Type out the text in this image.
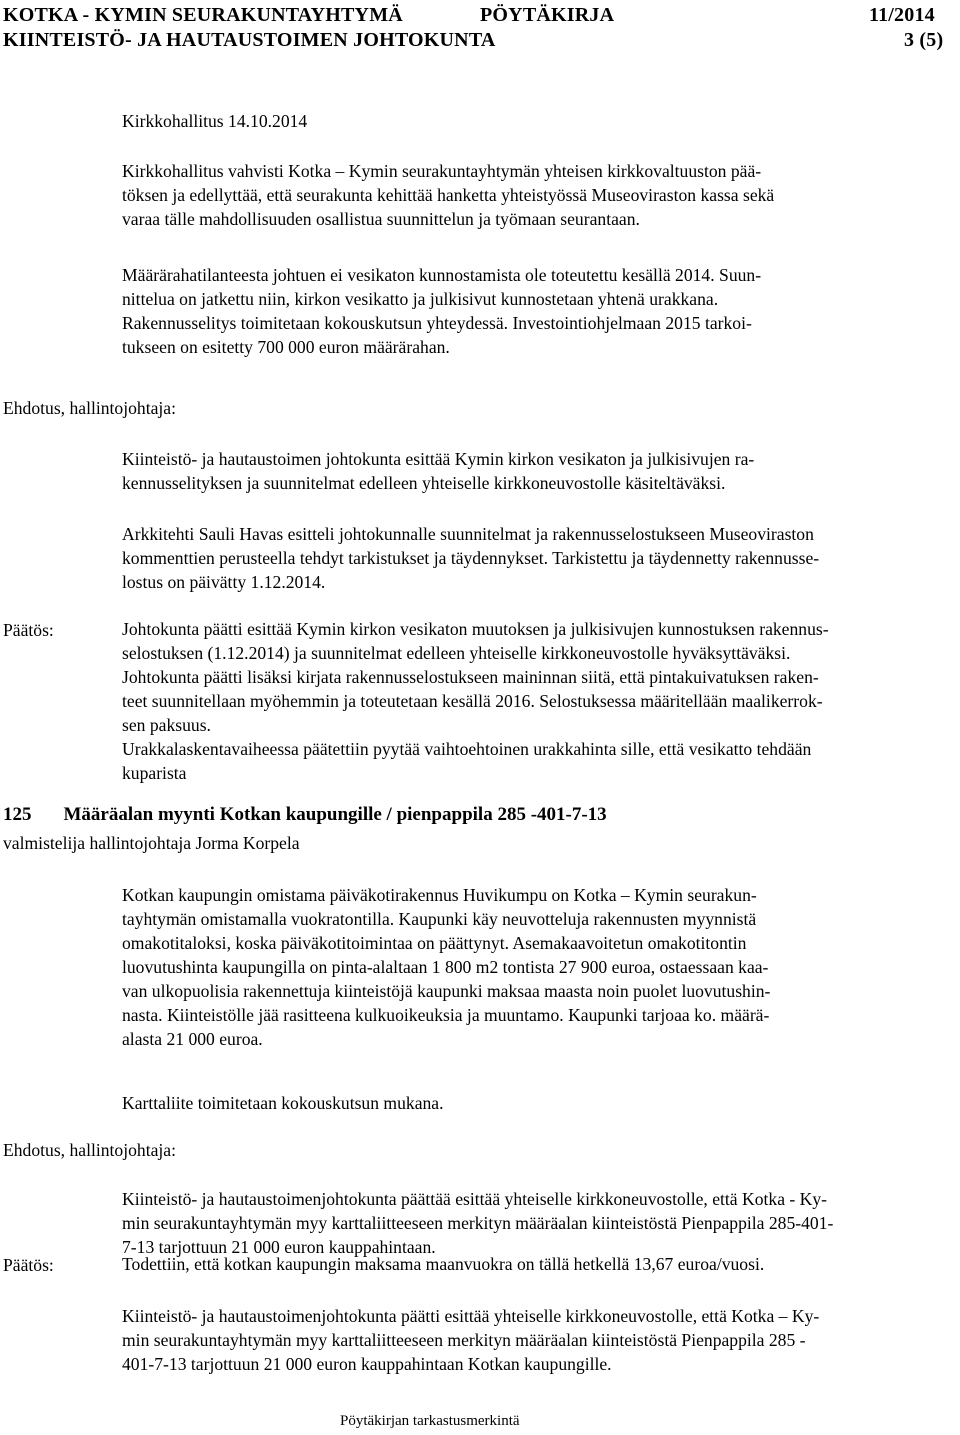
KOTKA - KYMIN SEURAKUNTAYHTYMÄ	PÖYTÄKIRJA	11/2014
KIINTEISTÖ- JA HAUTAUSTOIMEN JOHTOKUNTA	3 (5)
Kirkkohallitus 14.10.2014
Kirkkohallitus vahvisti Kotka – Kymin seurakuntayhtymän yhteisen kirkkovaltuuston pää-
töksen ja edellyttää, että seurakunta kehittää hanketta yhteistyössä Museoviraston kassa sekä
varaa tälle mahdollisuuden osallistua suunnittelun ja työmaan seurantaan.
Määrärahatilanteesta johtuen ei vesikaton kunnostamista ole toteutettu kesällä 2014. Suun-
nittelua on jatkettu niin, kirkon vesikatto ja julkisivut kunnostetaan yhtenä urakkana.
Rakennusselitys toimitetaan kokouskutsun yhteydessä. Investointiohjelmaan 2015 tarkoi-
tukseen on esitetty 700 000 euron määrärahan.
Ehdotus, hallintojohtaja:
Kiinteistö- ja hautaustoimen johtokunta esittää Kymin kirkon vesikaton ja julkisivujen ra-
kennusselityksen ja suunnitelmat edelleen yhteiselle kirkkoneuvostolle käsiteltäväksi.
Arkkitehti Sauli Havas esitteli johtokunnalle suunnitelmat ja rakennusselostukseen Museoviraston
kommenttien perusteella tehdyt tarkistukset ja täydennykset. Tarkistettu ja täydennetty rakennusse-
lostus on päivätty 1.12.2014.
Päätös:	Johtokunta päätti esittää Kymin kirkon vesikaton muutoksen ja julkisivujen kunnostuksen rakennus-
selostuksen (1.12.2014) ja suunnitelmat edelleen yhteiselle kirkkoneuvostolle hyväksyttäväksi.
Johtokunta päätti lisäksi kirjata rakennusselostukseen maininnan siitä, että pintakuivatuksen raken-
teet suunnitellaan myöhemmin ja toteutetaan kesällä 2016. Selostuksessa määritellään maalikerrok-
sen paksuus.
Urakkalaskentavaiheessa päätettiin pyytää vaihtoehtoinen urakkahinta sille, että vesikatto tehdään
kuparista
125 Määräalan myynti Kotkan kaupungille / pienpappila 285 -401-7-13
valmistelija hallintojohtaja Jorma Korpela
Kotkan kaupungin omistama päiväkotirakennus Huvikumpu on Kotka – Kymin seurakun-
tayhtymän omistamalla vuokratontilla. Kaupunki käy neuvotteluja rakennusten myynnistä
omakotitaloksi, koska päiväkotitoimintaa on päättynyt. Asemakaavoitetun omakotitontin
luovutushinta kaupungilla on pinta-alaltaan 1 800 m2 tontista 27 900 euroa, ostaessaan kaa-
van ulkopuolisia rakennettuja kiinteistöjä kaupunki maksaa maasta noin puolet luovutushin-
nasta. Kiinteistölle jää rasitteena kulkuoikeuksia ja muuntamo. Kaupunki tarjoaa ko. määrä-
alasta 21 000 euroa.
Karttaliite toimitetaan kokouskutsun mukana.
Ehdotus, hallintojohtaja:
Kiinteistö- ja hautaustoimenjohtokunta päättää esittää yhteiselle kirkkoneuvostolle, että Kotka - Ky-
min seurakuntayhtymän myy karttaliitteeseen merkityn määräalan kiinteistöstä Pienpappila 285-401-
7-13 tarjottuun 21 000 euron kauppahintaan.
Päätös:	Todettiin, että kotkan kaupungin maksama maanvuokra on tällä hetkellä 13,67 euroa/vuosi.
Kiinteistö- ja hautaustoimenjohtokunta päätti esittää yhteiselle kirkkoneuvostolle, että Kotka – Ky-
min seurakuntayhtymän myy karttaliitteeseen merkityn määräalan kiinteistöstä Pienpappila 285 -
401-7-13 tarjottuun 21 000 euron kauppahintaan Kotkan kaupungille.
Pöytäkirjan tarkastusmerkintä
